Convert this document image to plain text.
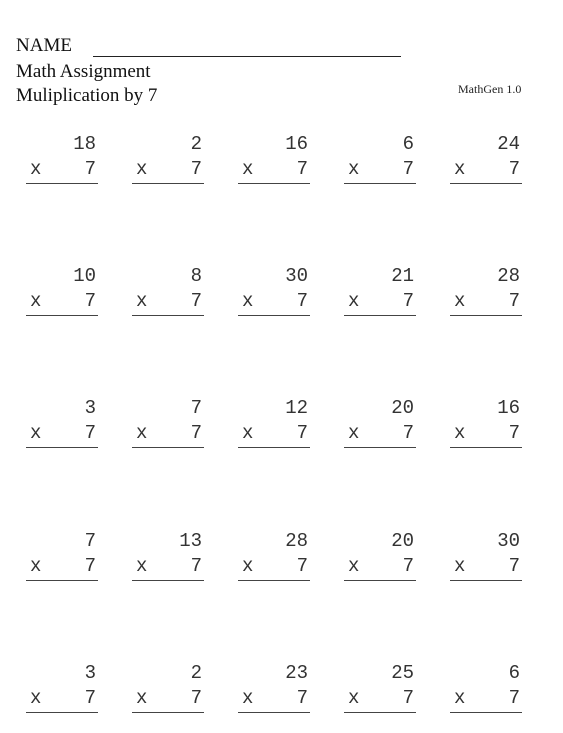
NAME
Math Assignment
Muliplication by 7	MathGen 1.0
18
x 7
2
x 7
16
x 7
6
x 7
24
x 7
10
x 7
8
x 7
30
x 7
21
x 7
28
x 7
3
x 7
7
x 7
12
x 7
20
x 7
16
x 7
7
x 7
13
x 7
28
x 7
20
x 7
30
x 7
3
x 7
2
x 7
23
x 7
25
x 7
6
x 7
